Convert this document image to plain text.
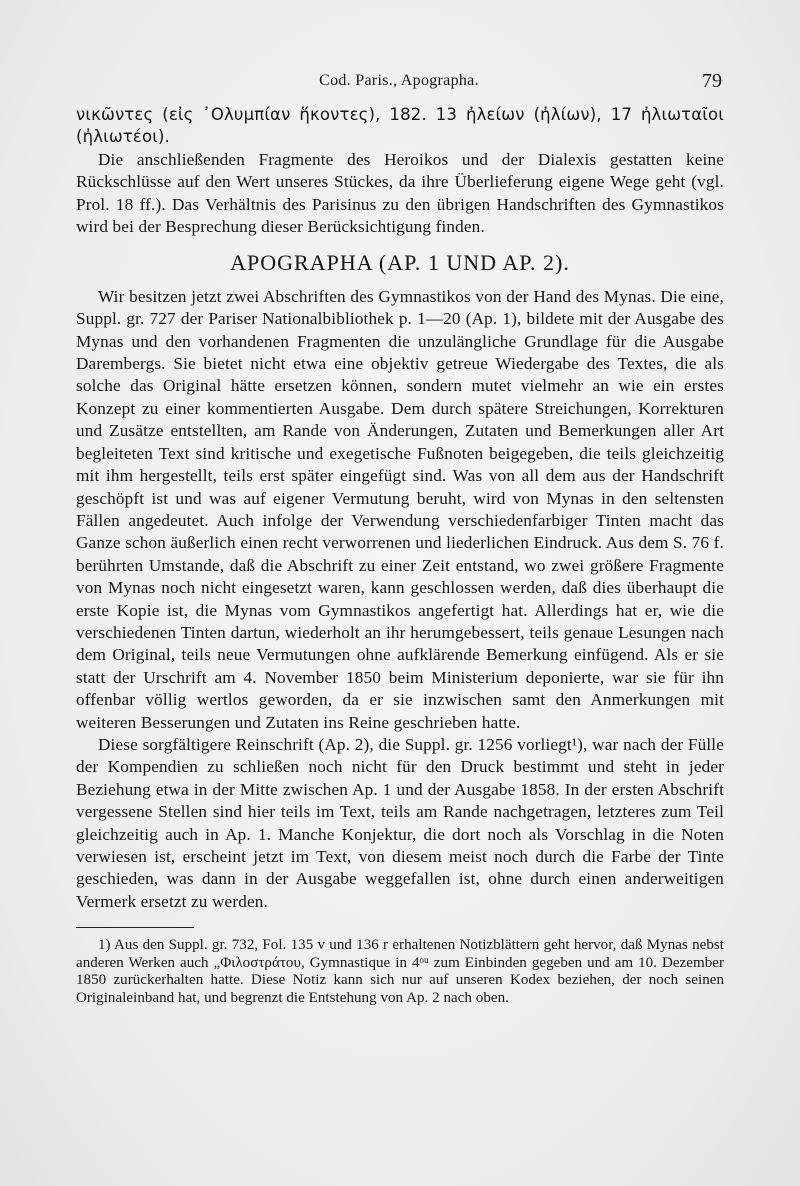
Cod. Paris., Apographa.	79

νικῶντες (εἰς ᾿Ολυμπίαν ἥκοντες), 182. 13 ἠλείων (ἠλίων), 17 ἠλιωταῖοι (ἠλιωτέοι).

Die anschließenden Fragmente des Heroikos und der Dialexis gestatten keine Rückschlüsse auf den Wert unseres Stückes, da ihre Überlieferung eigene Wege geht (vgl. Prol. 18 ff.). Das Verhältnis des Parisinus zu den übrigen Handschriften des Gymnastikos wird bei der Besprechung dieser Berücksichtigung finden.

APOGRAPHA (AP. 1 UND AP. 2).

Wir besitzen jetzt zwei Abschriften des Gymnastikos von der Hand des Mynas. Die eine, Suppl. gr. 727 der Pariser Nationalbibliothek p. 1—20 (Ap. 1), bildete mit der Ausgabe des Mynas und den vorhandenen Fragmenten die unzulängliche Grundlage für die Ausgabe Darembergs. Sie bietet nicht etwa eine objektiv getreue Wiedergabe des Textes, die als solche das Original hätte ersetzen können, sondern mutet vielmehr an wie ein erstes Konzept zu einer kommentierten Ausgabe. Dem durch spätere Streichungen, Korrekturen und Zusätze entstellten, am Rande von Änderungen, Zutaten und Bemerkungen aller Art begleiteten Text sind kritische und exegetische Fußnoten beigegeben, die teils gleichzeitig mit ihm hergestellt, teils erst später eingefügt sind. Was von all dem aus der Handschrift geschöpft ist und was auf eigener Vermutung beruht, wird von Mynas in den seltensten Fällen angedeutet. Auch infolge der Verwendung verschiedenfarbiger Tinten macht das Ganze schon äußerlich einen recht verworrenen und liederlichen Eindruck. Aus dem S. 76 f. berührten Umstande, daß die Abschrift zu einer Zeit entstand, wo zwei größere Fragmente von Mynas noch nicht eingesetzt waren, kann geschlossen werden, daß dies überhaupt die erste Kopie ist, die Mynas vom Gymnastikos angefertigt hat. Allerdings hat er, wie die verschiedenen Tinten dartun, wiederholt an ihr herumgebessert, teils genaue Lesungen nach dem Original, teils neue Vermutungen ohne aufklärende Bemerkung einfügend. Als er sie statt der Urschrift am 4. November 1850 beim Ministerium deponierte, war sie für ihn offenbar völlig wertlos geworden, da er sie inzwischen samt den Anmerkungen mit weiteren Besserungen und Zutaten ins Reine geschrieben hatte.

Diese sorgfältigere Reinschrift (Ap. 2), die Suppl. gr. 1256 vorliegt¹), war nach der Fülle der Kompendien zu schließen noch nicht für den Druck bestimmt und steht in jeder Beziehung etwa in der Mitte zwischen Ap. 1 und der Ausgabe 1858. In der ersten Abschrift vergessene Stellen sind hier teils im Text, teils am Rande nachgetragen, letzteres zum Teil gleichzeitig auch in Ap. 1. Manche Konjektur, die dort noch als Vorschlag in die Noten verwiesen ist, erscheint jetzt im Text, von diesem meist noch durch die Farbe der Tinte geschieden, was dann in der Ausgabe weggefallen ist, ohne durch einen anderweitigen Vermerk ersetzt zu werden.

1) Aus den Suppl. gr. 732, Fol. 135 v und 136 r erhaltenen Notizblättern geht hervor, daß Mynas nebst anderen Werken auch „Φιλοστράτου, Gymnastique in 4ᵒᵘ zum Einbinden gegeben und am 10. Dezember 1850 zurückerhalten hatte. Diese Notiz kann sich nur auf unseren Kodex beziehen, der noch seinen Originaleinband hat, und begrenzt die Entstehung von Ap. 2 nach oben.
